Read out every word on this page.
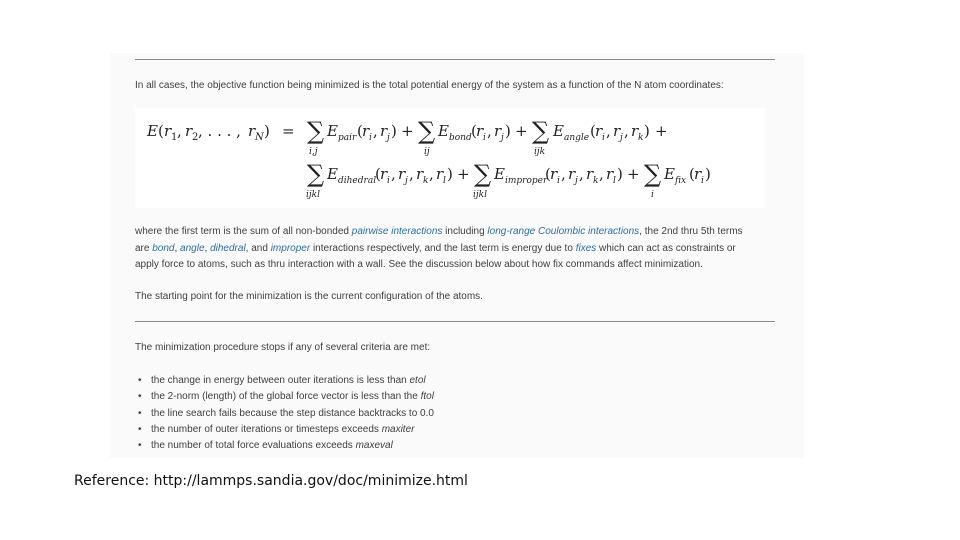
In all cases, the objective function being minimized is the total potential energy of the system as a function of the N atom coordinates:

E ( r 1 , r 2 , . . . , r N ) = ∑
i,j
E pair ( r i , r j ) + ∑
ij
E bond ( r i , r j ) + ∑
ijk
E angle ( r i , r j , r k ) +
∑
ijkl
E dihedral
( r i , r j , r k , r l ) + ∑
ijkl
E improper
( r i , r j , r k , r l ) + ∑
i
E fix ( r i )

where the first term is the sum of all non-bonded pairwise interactions including long-range Coulombic interactions, the 2nd thru 5th terms

are bond, angle, dihedral, and improper interactions respectively, and the last term is energy due to fixes which can act as constraints or

apply force to atoms, such as thru interaction with a wall. See the discussion below about how fix commands affect minimization.

The starting point for the minimization is the current configuration of the atoms.

The minimization procedure stops if any of several criteria are met:

• the change in energy between outer iterations is less than etol
• the 2-norm (length) of the global force vector is less than the ftol
• the line search fails because the step distance backtracks to 0.0
• the number of outer iterations or timesteps exceeds maxiter
• the number of total force evaluations exceeds maxeval
Reference: http://lammps.sandia.gov/doc/minimize.html
